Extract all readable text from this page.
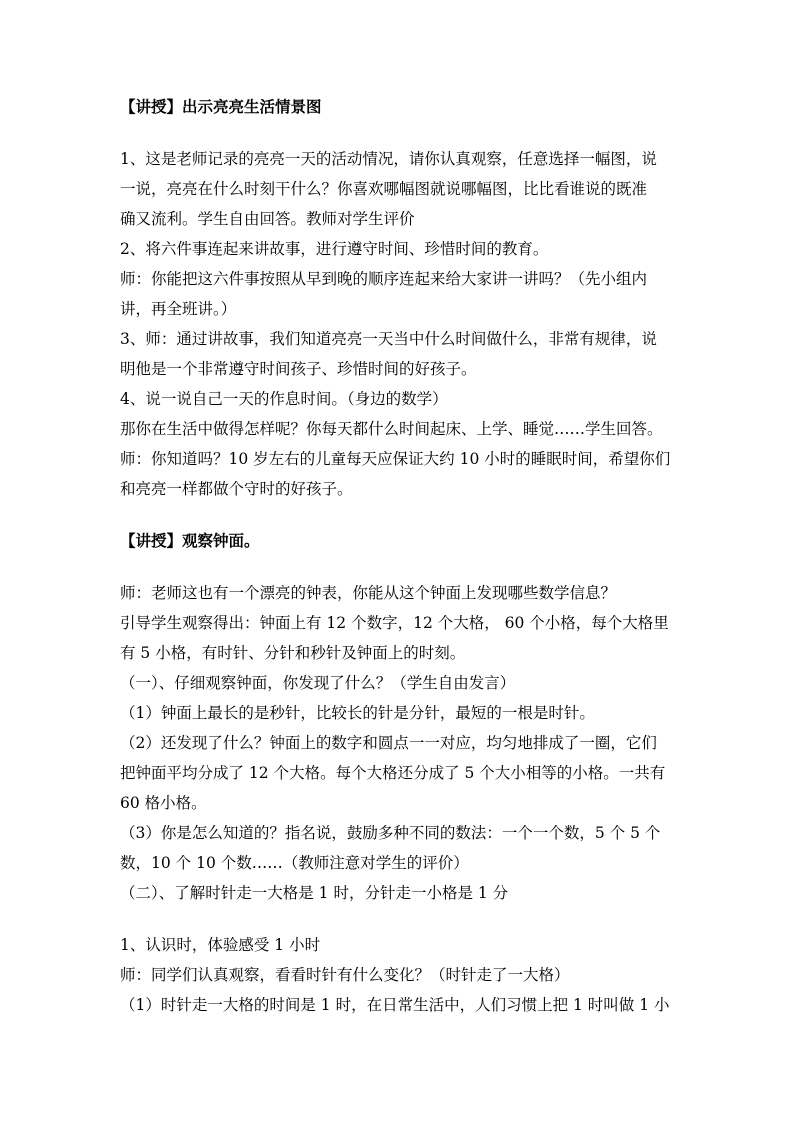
【讲授】出示亮亮生活情景图
1、这是老师记录的亮亮一天的活动情况，请你认真观察，任意选择一幅图，说
一说，亮亮在什么时刻干什么？你喜欢哪幅图就说哪幅图，比比看谁说的既准
确又流利。学生自由回答。教师对学生评价
2、将六件事连起来讲故事，进行遵守时间、珍惜时间的教育。
师：你能把这六件事按照从早到晚的顺序连起来给大家讲一讲吗？（先小组内
讲，再全班讲。）
3、师：通过讲故事，我们知道亮亮一天当中什么时间做什么，非常有规律，说
明他是一个非常遵守时间孩子、珍惜时间的好孩子。
4、说一说自己一天的作息时间。（身边的数学）
那你在生活中做得怎样呢？你每天都什么时间起床、上学、睡觉……学生回答。
师：你知道吗？10 岁左右的儿童每天应保证大约 10 小时的睡眠时间，希望你们
和亮亮一样都做个守时的好孩子。
【讲授】观察钟面。
师：老师这也有一个漂亮的钟表，你能从这个钟面上发现哪些数学信息？
引导学生观察得出：钟面上有 12 个数字，12 个大格， 60 个小格，每个大格里
有 5 小格，有时针、分针和秒针及钟面上的时刻。
（一）、仔细观察钟面，你发现了什么？（学生自由发言）
（1）钟面上最长的是秒针，比较长的针是分针，最短的一根是时针。
（2）还发现了什么？钟面上的数字和圆点一一对应，均匀地排成了一圈，它们
把钟面平均分成了 12 个大格。每个大格还分成了 5 个大小相等的小格。一共有
60 格小格。
（3）你是怎么知道的？指名说，鼓励多种不同的数法：一个一个数，5 个 5 个
数，10 个 10 个数……（教师注意对学生的评价）
（二）、了解时针走一大格是 1 时，分针走一小格是 1 分
1、认识时，体验感受 1 小时
师：同学们认真观察，看看时针有什么变化？（时针走了一大格）
（1）时针走一大格的时间是 1 时，在日常生活中，人们习惯上把 1 时叫做 1 小
